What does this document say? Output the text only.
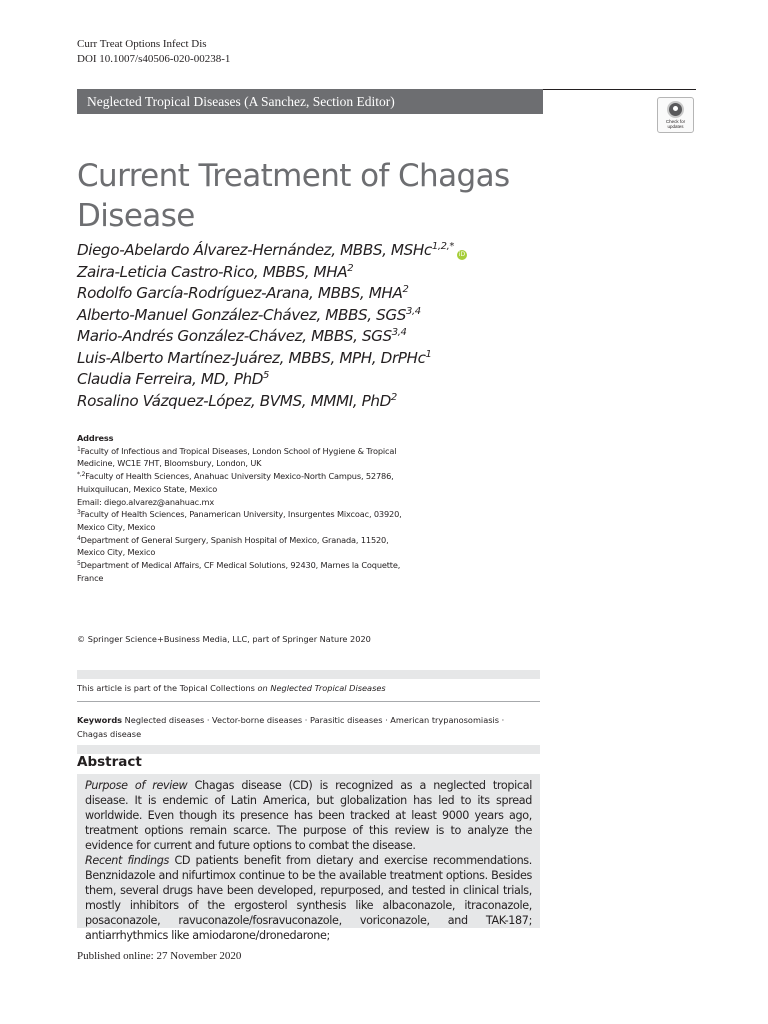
Curr Treat Options Infect Dis
DOI 10.1007/s40506-020-00238-1
Neglected Tropical Diseases (A Sanchez, Section Editor)
Check for
updates
Current Treatment of Chagas Disease
Diego-Abelardo Álvarez-Hernández, MBBS, MSHc$^{1,2,*}$iD
Zaira-Leticia Castro-Rico, MBBS, MHA$^2$
Rodolfo García-Rodríguez-Arana, MBBS, MHA$^2$
Alberto-Manuel González-Chávez, MBBS, SGS$^{3,4}$
Mario-Andrés González-Chávez, MBBS, SGS$^{3,4}$
Luis-Alberto Martínez-Juárez, MBBS, MPH, DrPHc$^1$
Claudia Ferreira, MD, PhD$^5$
Rosalino Vázquez-López, BVMS, MMMI, PhD$^2$
Address
$^1$Faculty of Infectious and Tropical Diseases, London School of Hygiene & Tropical Medicine, WC1E 7HT, Bloomsbury, London, UK
$^{*,2}$Faculty of Health Sciences, Anahuac University Mexico-North Campus, 52786, Huixquilucan, Mexico State, Mexico
Email: diego.alvarez@anahuac.mx
$^3$Faculty of Health Sciences, Panamerican University, Insurgentes Mixcoac, 03920, Mexico City, Mexico
$^4$Department of General Surgery, Spanish Hospital of Mexico, Granada, 11520, Mexico City, Mexico
$^5$Department of Medical Affairs, CF Medical Solutions, 92430, Marnes la Coquette, France
© Springer Science+Business Media, LLC, part of Springer Nature 2020
This article is part of the Topical Collections on Neglected Tropical Diseases
Keywords Neglected diseases · Vector-borne diseases · Parasitic diseases · American trypanosomiasis · Chagas disease
Abstract

Purpose of review Chagas disease (CD) is recognized as a neglected tropical disease. It is endemic of Latin America, but globalization has led to its spread worldwide. Even though its presence has been tracked at least 9000 years ago, treatment options remain scarce. The purpose of this review is to analyze the evidence for current and future options to combat the disease.

Recent findings CD patients benefit from dietary and exercise recommendations. Benznidazole and nifurtimox continue to be the available treatment options. Besides them, several drugs have been developed, repurposed, and tested in clinical trials, mostly inhibitors of the ergosterol synthesis like albaconazole, itraconazole, posaconazole, ravuconazole/fosravuconazole, voriconazole, and TAK-187; antiarrhythmics like amiodarone/dronedarone;

Published online: 27 November 2020
